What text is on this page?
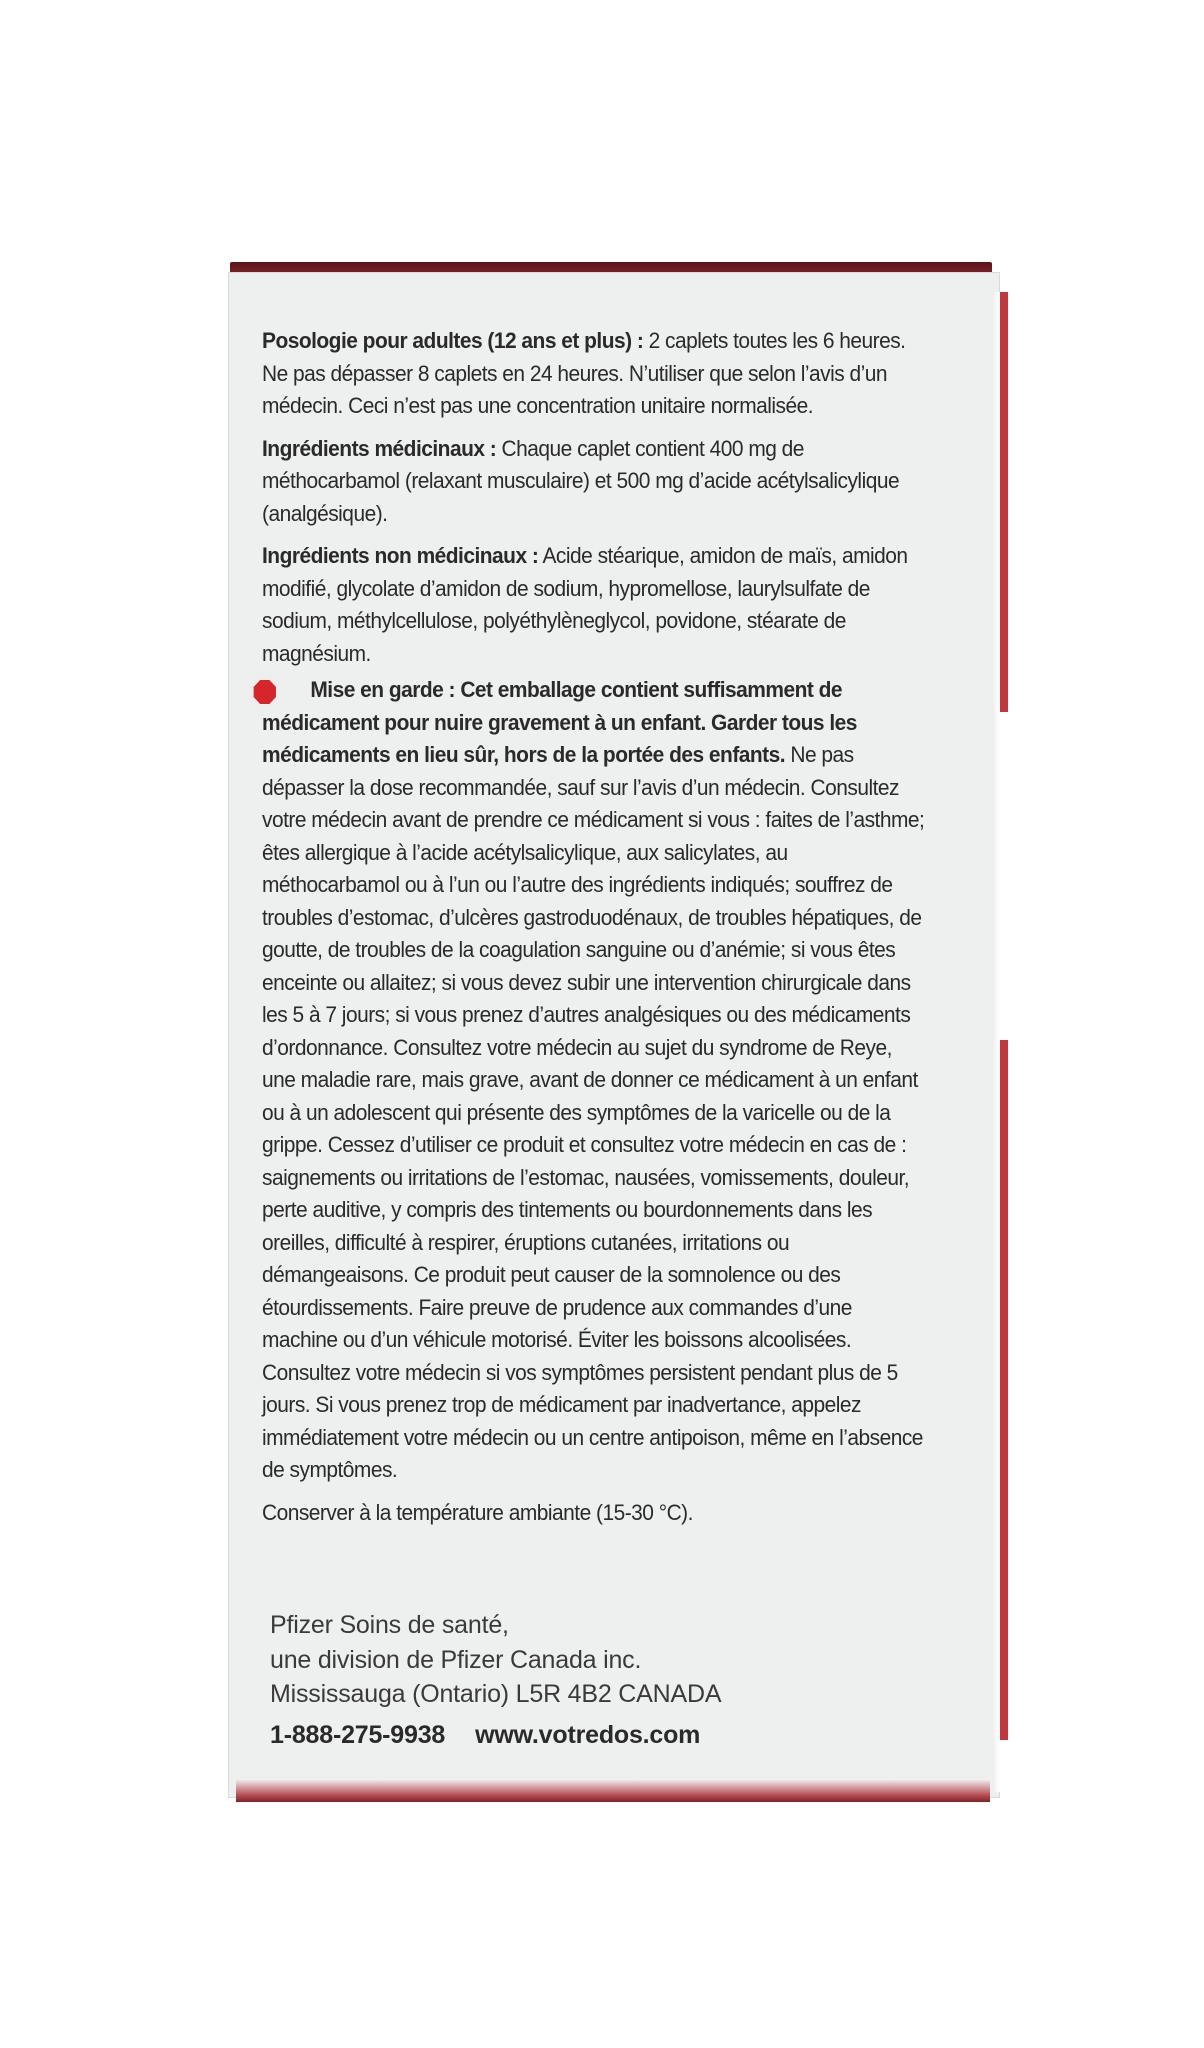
Posologie pour adultes (12 ans et plus) : 2 caplets toutes les 6 heures. Ne pas dépasser 8 caplets en 24 heures. N’utiliser que selon l’avis d’un médecin. Ceci n’est pas une concentration unitaire normalisée.

Ingrédients médicinaux : Chaque caplet contient 400 mg de méthocarbamol (relaxant musculaire) et 500 mg d’acide acétylsalicylique (analgésique).

Ingrédients non médicinaux : Acide stéarique, amidon de maïs, amidon modifié, glycolate d’amidon de sodium, hypromellose, laurylsulfate de sodium, méthylcellulose, polyéthylèneglycol, povidone, stéarate de magnésium.

Mise en garde : Cet emballage contient suffisamment de médicament pour nuire gravement à un enfant. Garder tous les médicaments en lieu sûr, hors de la portée des enfants. Ne pas dépasser la dose recommandée, sauf sur l’avis d’un médecin. Consultez votre médecin avant de prendre ce médicament si vous : faites de l’asthme; êtes allergique à l’acide acétylsalicylique, aux salicylates, au méthocarbamol ou à l’un ou l’autre des ingrédients indiqués; souffrez de troubles d’estomac, d’ulcères gastroduodénaux, de troubles hépatiques, de goutte, de troubles de la coagulation sanguine ou d’anémie; si vous êtes enceinte ou allaitez; si vous devez subir une intervention chirurgicale dans les 5 à 7 jours; si vous prenez d’autres analgésiques ou des médicaments d’ordonnance. Consultez votre médecin au sujet du syndrome de Reye, une maladie rare, mais grave, avant de donner ce médicament à un enfant ou à un adolescent qui présente des symptômes de la varicelle ou de la grippe. Cessez d’utiliser ce produit et consultez votre médecin en cas de : saignements ou irritations de l’estomac, nausées, vomissements, douleur, perte auditive, y compris des tintements ou bourdonnements dans les oreilles, difficulté à respirer, éruptions cutanées, irritations ou démangeaisons. Ce produit peut causer de la somnolence ou des étourdissements. Faire preuve de prudence aux commandes d’une machine ou d’un véhicule motorisé. Éviter les boissons alcoolisées. Consultez votre médecin si vos symptômes persistent pendant plus de 5 jours. Si vous prenez trop de médicament par inadvertance, appelez immédiatement votre médecin ou un centre antipoison, même en l’absence de symptômes.

Conserver à la température ambiante (15-30 °C).

Pfizer Soins de santé,
une division de Pfizer Canada inc.
Mississauga (Ontario) L5R 4B2 CANADA
1-888-275-9938 www.votredos.com
